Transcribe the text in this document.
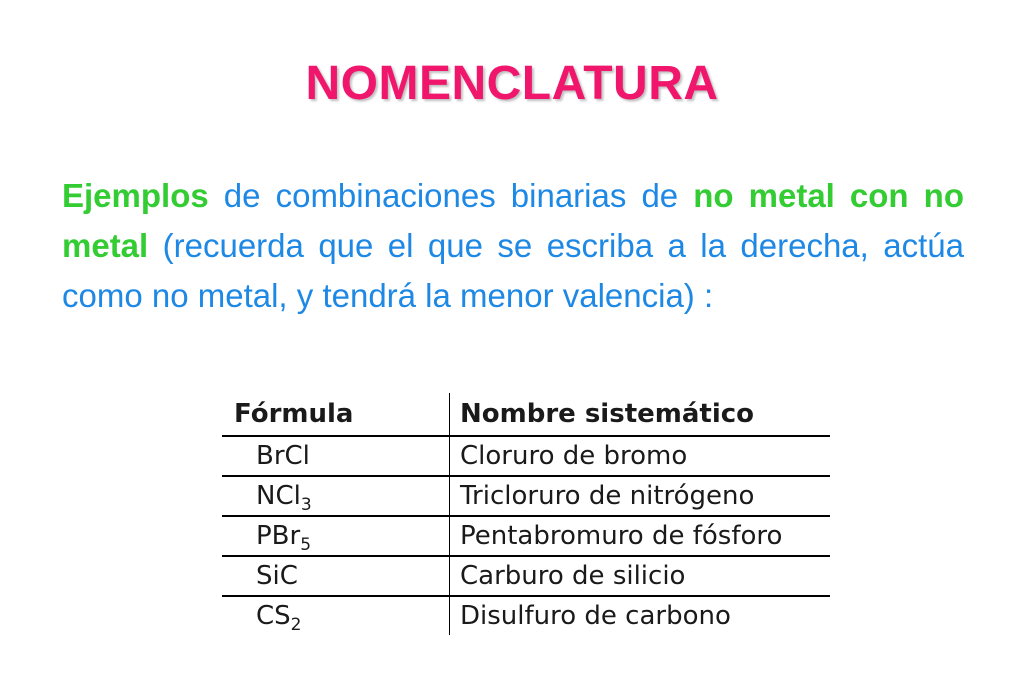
NOMENCLATURA
Ejemplos de combinaciones binarias de no metal con no metal (recuerda que el que se escriba a la derecha, actúa como no metal, y tendrá la menor valencia) :
Fórmula	Nombre sistemático
BrCl	Cloruro de bromo
NCl$_3$	Tricloruro de nitrógeno
PBr$_5$	Pentabromuro de fósforo
SiC	Carburo de silicio
$CS_2$	Disulfuro de carbono
